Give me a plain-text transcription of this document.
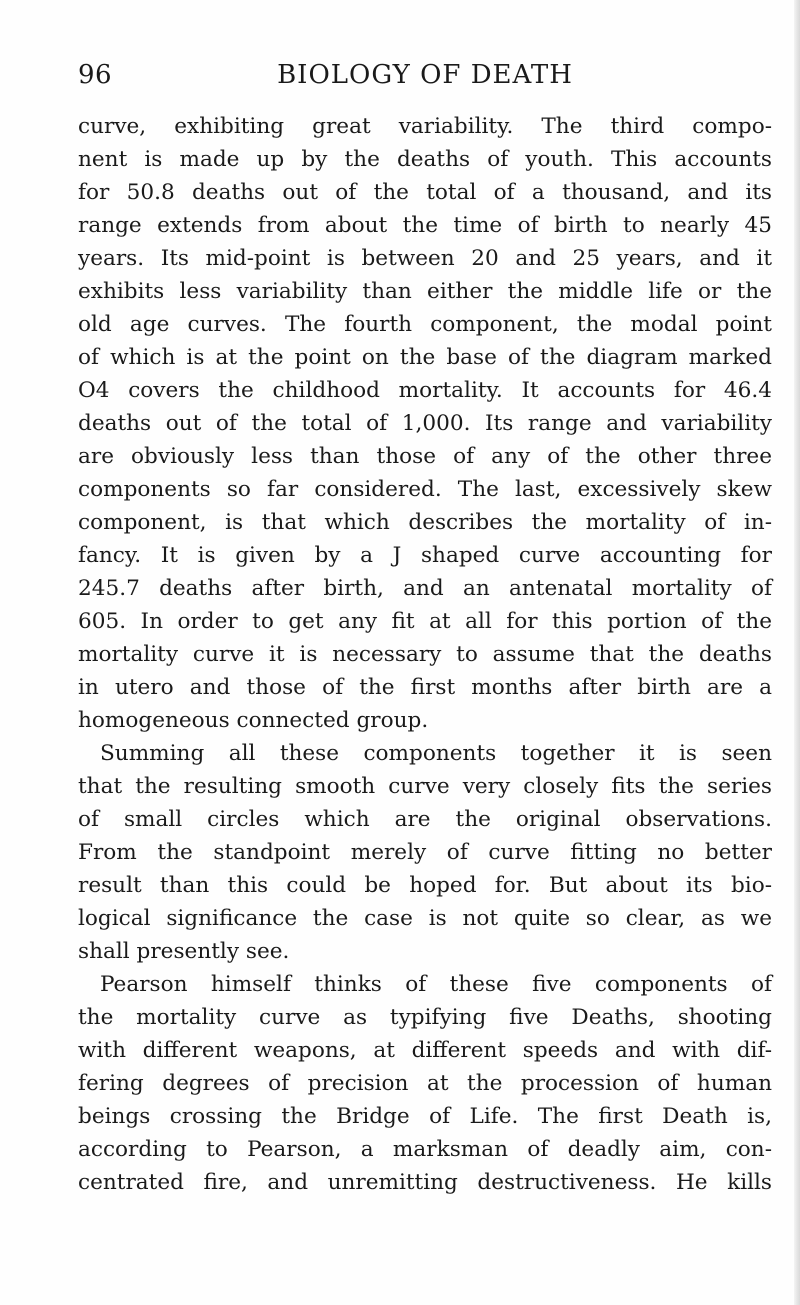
96	BIOLOGY OF DEATH
curve, exhibiting great variability. The third compo-
nent is made up by the deaths of youth. This accounts
for 50.8 deaths out of the total of a thousand, and its
range extends from about the time of birth to nearly 45
years. Its mid-point is between 20 and 25 years, and it
exhibits less variability than either the middle life or the
old age curves. The fourth component, the modal point
of which is at the point on the base of the diagram marked
O4 covers the childhood mortality. It accounts for 46.4
deaths out of the total of 1,000. Its range and variability
are obviously less than those of any of the other three
components so far considered. The last, excessively skew
component, is that which describes the mortality of in-
fancy. It is given by a J shaped curve accounting for
245.7 deaths after birth, and an antenatal mortality of
605. In order to get any fit at all for this portion of the
mortality curve it is necessary to assume that the deaths
in utero and those of the first months after birth are a
homogeneous connected group.
Summing all these components together it is seen
that the resulting smooth curve very closely fits the series
of small circles which are the original observations.
From the standpoint merely of curve fitting no better
result than this could be hoped for. But about its bio-
logical significance the case is not quite so clear, as we
shall presently see.
Pearson himself thinks of these five components of
the mortality curve as typifying five Deaths, shooting
with different weapons, at different speeds and with dif-
fering degrees of precision at the procession of human
beings crossing the Bridge of Life. The first Death is,
according to Pearson, a marksman of deadly aim, con-
centrated fire, and unremitting destructiveness. He kills
